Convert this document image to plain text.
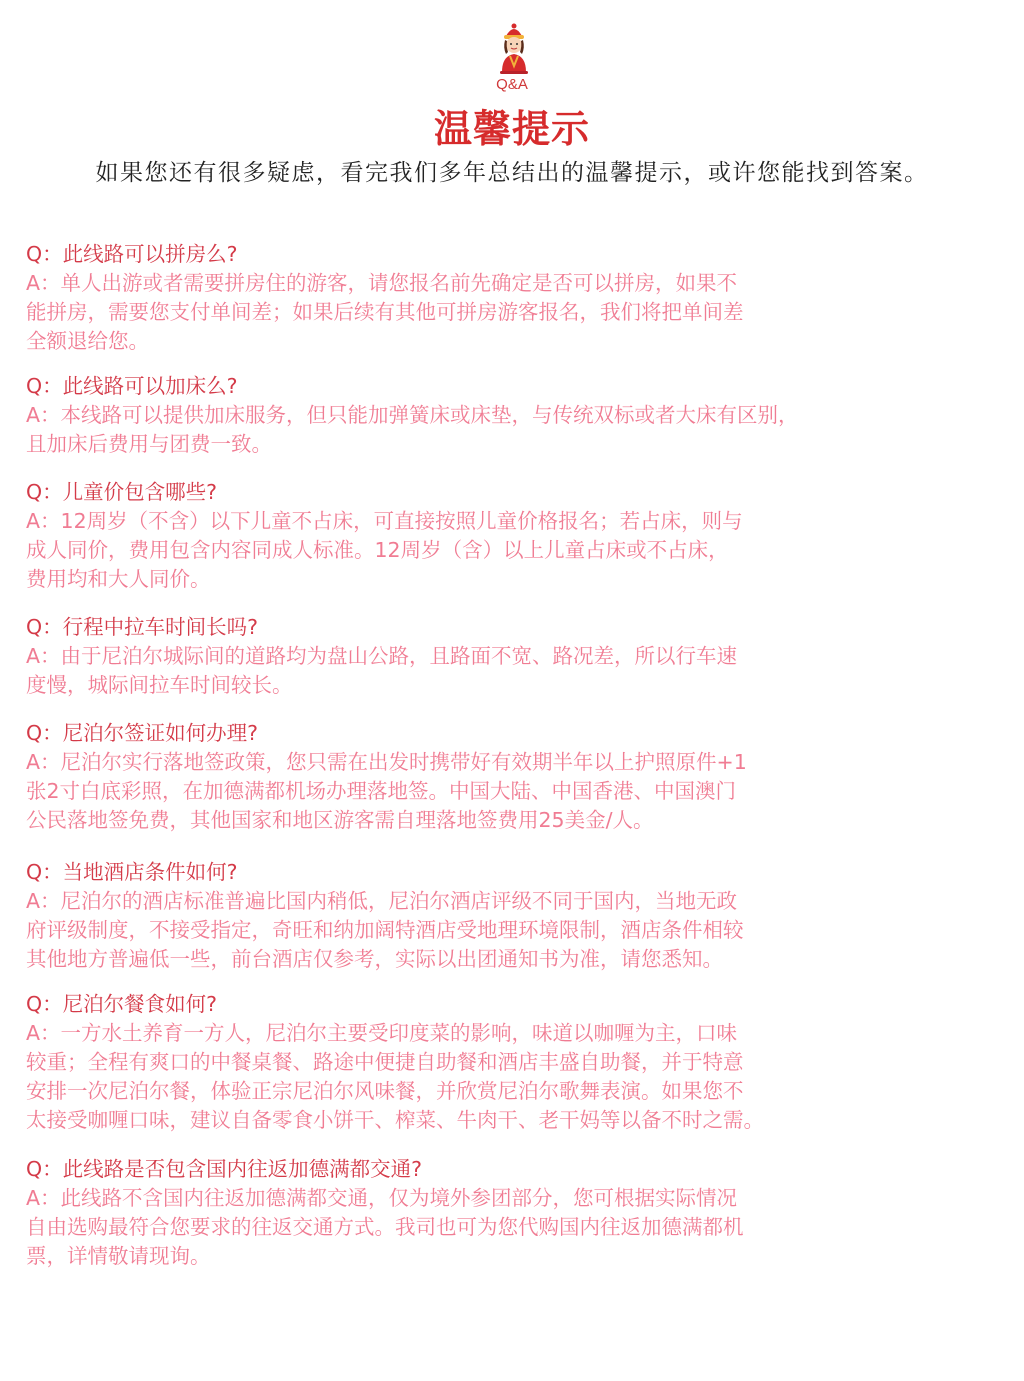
Q&A
温馨提示
如果您还有很多疑虑，看完我们多年总结出的温馨提示，或许您能找到答案。
Q：此线路可以拼房么?
A：单人出游或者需要拼房住的游客，请您报名前先确定是否可以拼房，如果不
能拼房，需要您支付单间差；如果后续有其他可拼房游客报名，我们将把单间差
全额退给您。
Q：此线路可以加床么?
A：本线路可以提供加床服务，但只能加弹簧床或床垫，与传统双标或者大床有区别，
且加床后费用与团费一致。
Q：儿童价包含哪些?
A：12周岁（不含）以下儿童不占床，可直接按照儿童价格报名；若占床，则与
成人同价，费用包含内容同成人标准。12周岁（含）以上儿童占床或不占床，
费用均和大人同价。
Q：行程中拉车时间长吗?
A：由于尼泊尔城际间的道路均为盘山公路，且路面不宽、路况差，所以行车速
度慢，城际间拉车时间较长。
Q：尼泊尔签证如何办理?
A：尼泊尔实行落地签政策，您只需在出发时携带好有效期半年以上护照原件+1
张2寸白底彩照，在加德满都机场办理落地签。中国大陆、中国香港、中国澳门
公民落地签免费，其他国家和地区游客需自理落地签费用25美金/人。
Q：当地酒店条件如何?
A：尼泊尔的酒店标准普遍比国内稍低，尼泊尔酒店评级不同于国内，当地无政
府评级制度，不接受指定，奇旺和纳加阔特酒店受地理环境限制，酒店条件相较
其他地方普遍低一些，前台酒店仅参考，实际以出团通知书为准，请您悉知。
Q：尼泊尔餐食如何?
A：一方水土养育一方人，尼泊尔主要受印度菜的影响，味道以咖喱为主，口味
较重；全程有爽口的中餐桌餐、路途中便捷自助餐和酒店丰盛自助餐，并于特意
安排一次尼泊尔餐，体验正宗尼泊尔风味餐，并欣赏尼泊尔歌舞表演。如果您不
太接受咖喱口味，建议自备零食小饼干、榨菜、牛肉干、老干妈等以备不时之需。
Q：此线路是否包含国内往返加德满都交通?
A：此线路不含国内往返加德满都交通，仅为境外参团部分，您可根据实际情况
自由选购最符合您要求的往返交通方式。我司也可为您代购国内往返加德满都机
票，详情敬请现询。
